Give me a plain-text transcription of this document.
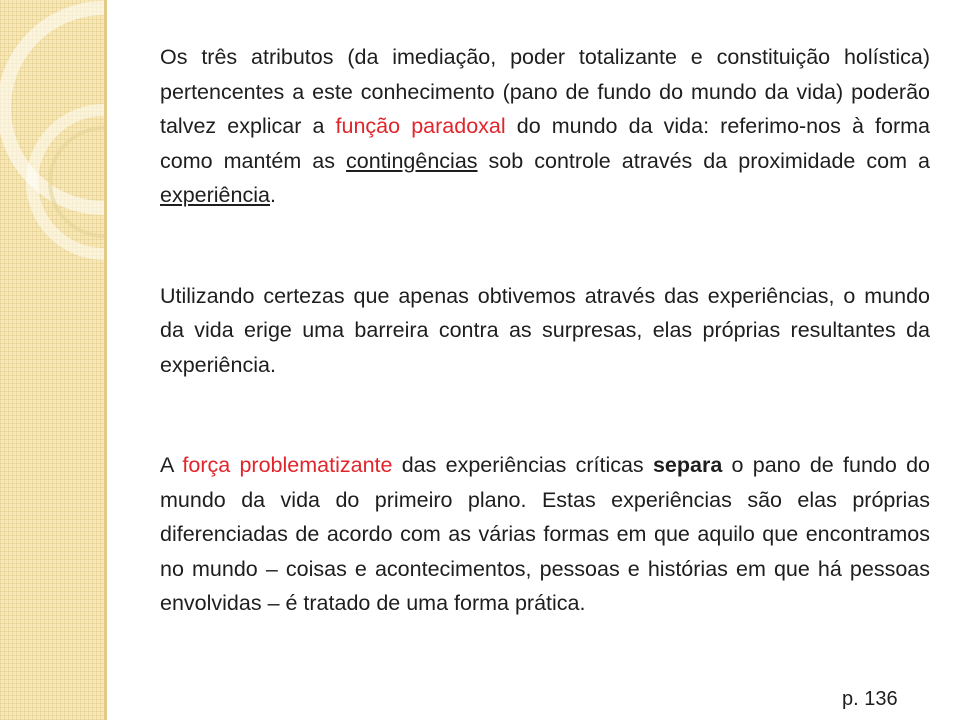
Os três atributos (da imediação, poder totalizante e constituição holística) pertencentes a este conhecimento (pano de fundo do mundo da vida) poderão talvez explicar a função paradoxal do mundo da vida: referimo-nos à forma como mantém as contingências sob controle através da proximidade com a experiência.

Utilizando certezas que apenas obtivemos através das experiências, o mundo da vida erige uma barreira contra as surpresas, elas próprias resultantes da experiência.

A força problematizante das experiências críticas separa o pano de fundo do mundo da vida do primeiro plano. Estas experiências são elas próprias diferenciadas de acordo com as várias formas em que aquilo que encontramos no mundo – coisas e acontecimentos, pessoas e histórias em que há pessoas envolvidas – é tratado de uma forma prática.

p. 136
